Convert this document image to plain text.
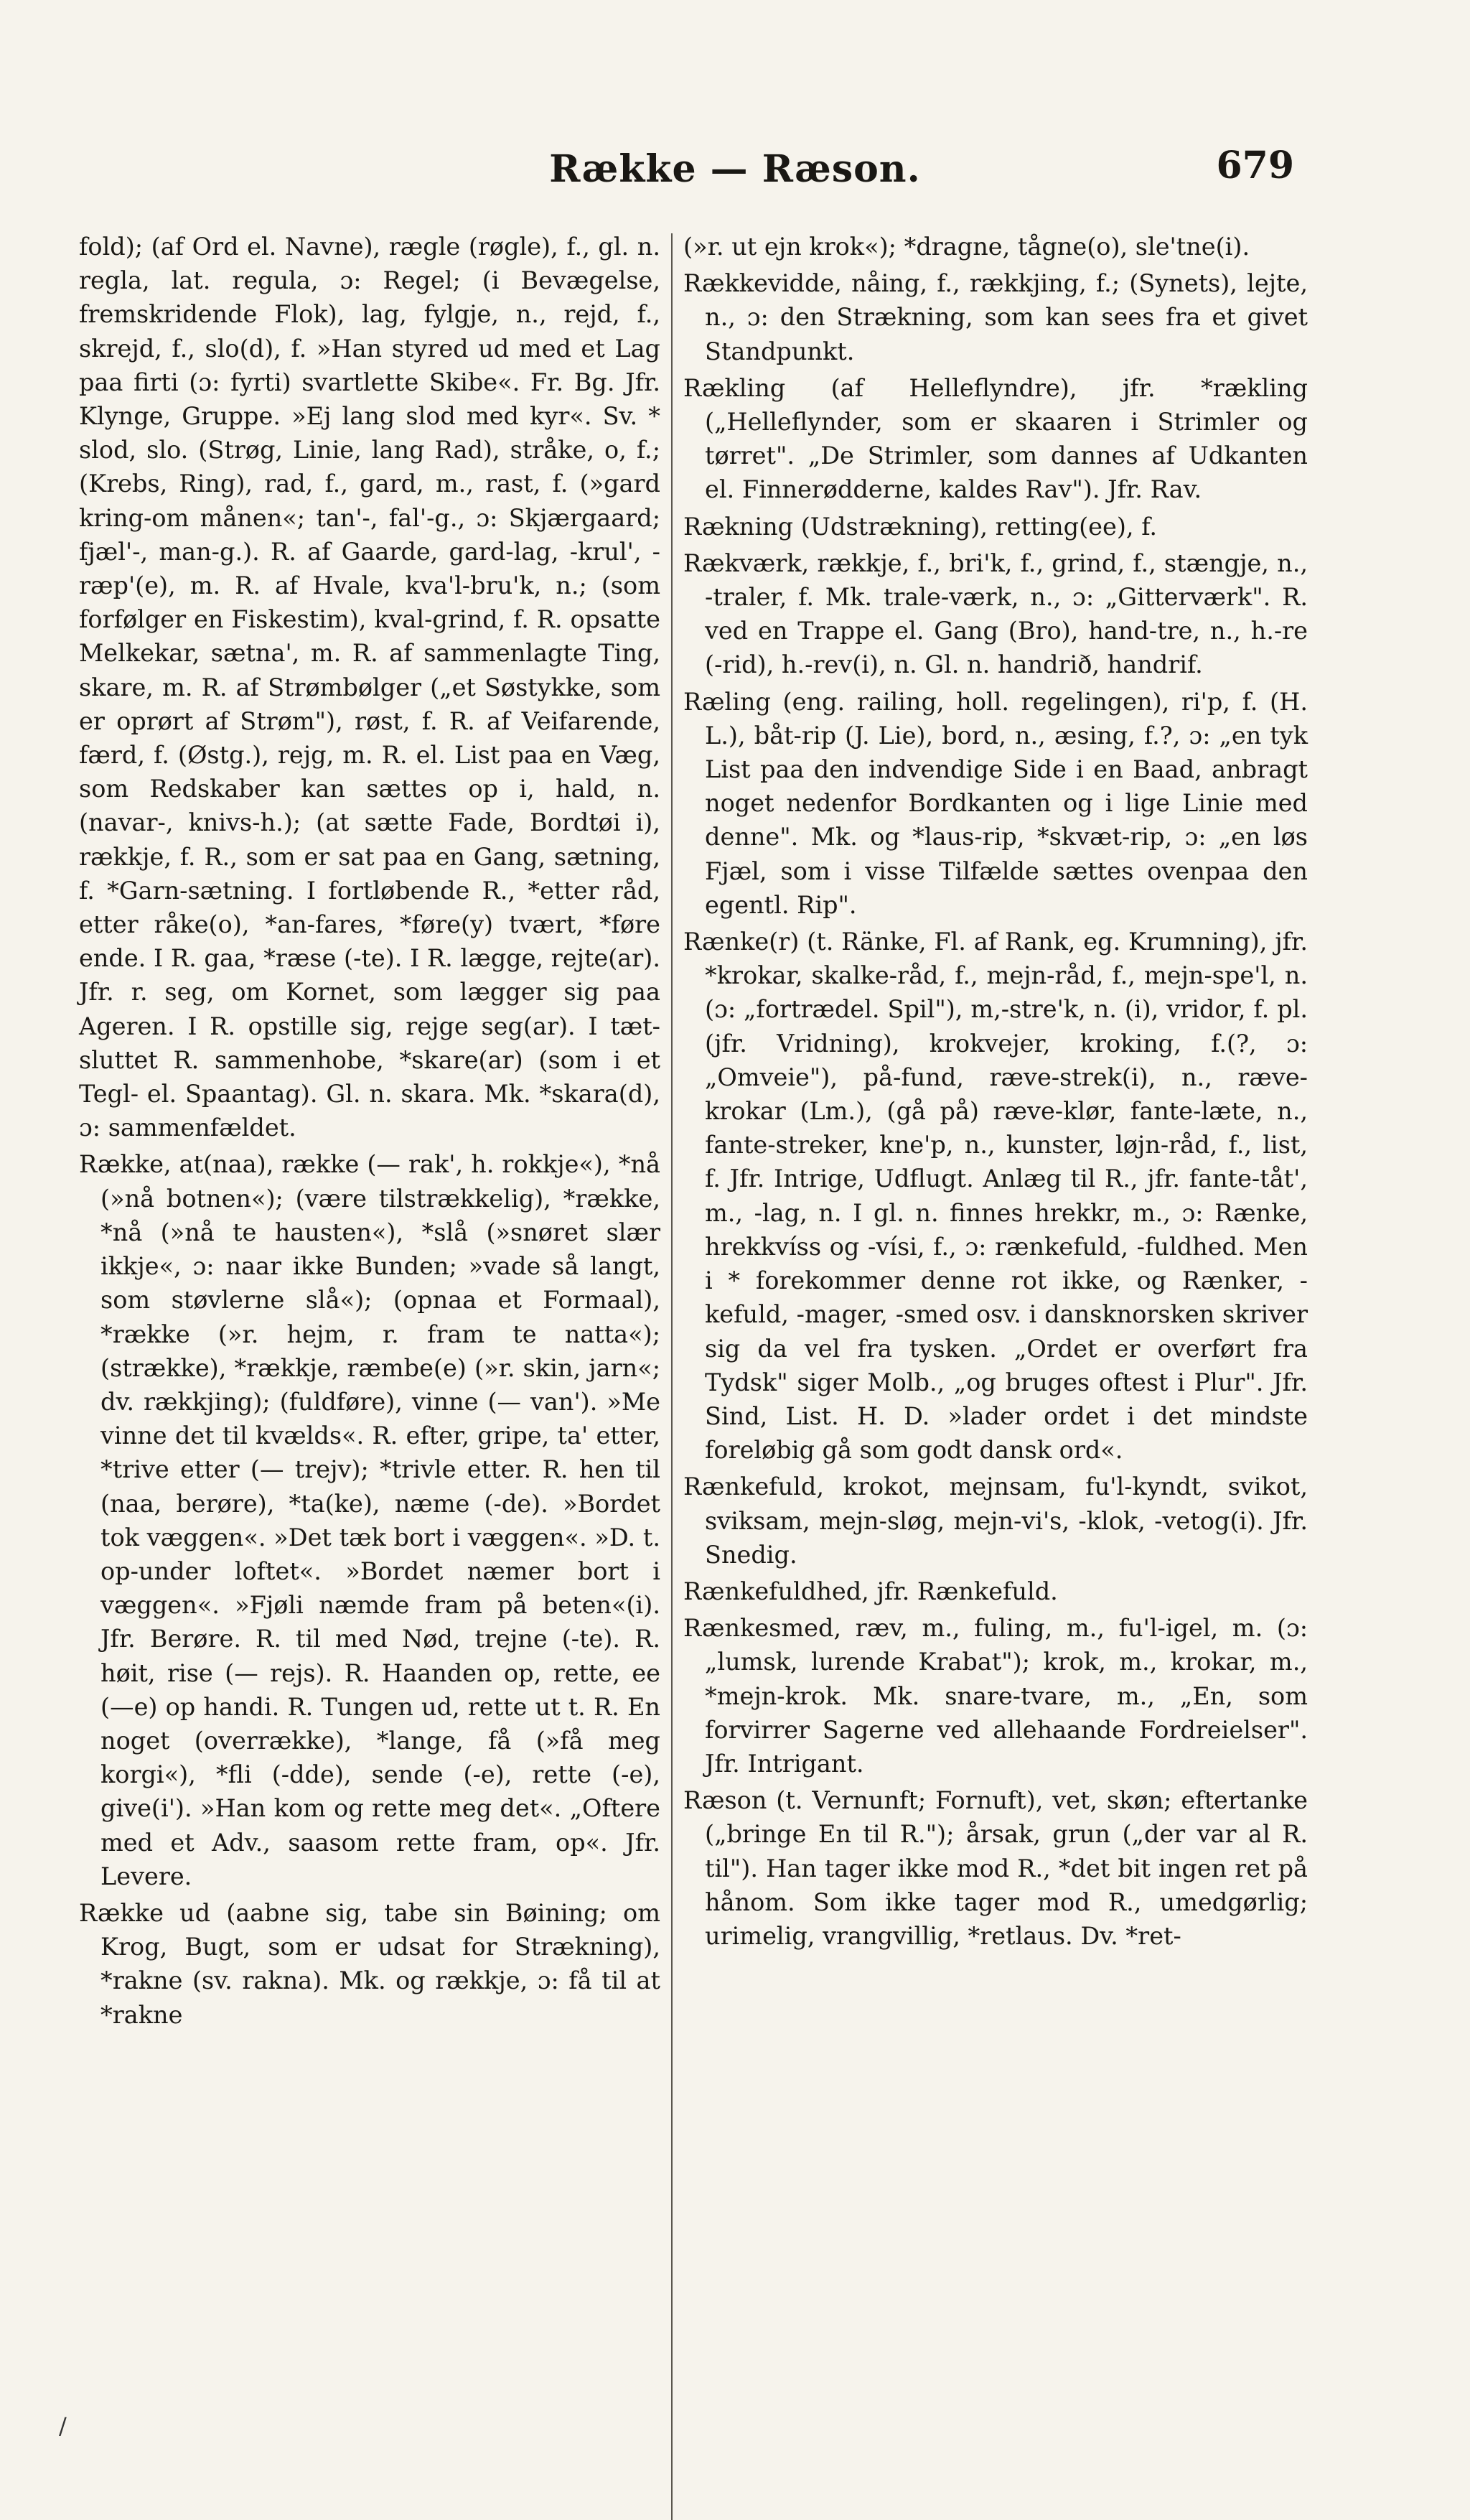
Række — Ræson.	679

fold); (af Ord el. Navne), rægle (røgle), f., gl. n. regla, lat. regula, ɔ: Regel; (i Bevægelse, fremskridende Flok), lag, fylgje, n., rejd, f., skrejd, f., slo(d), f. »Han styred ud med et Lag paa firti (ɔ: fyrti) svartlette Skibe«. Fr. Bg. Jfr. Klynge, Gruppe. »Ej lang slod med kyr«. Sv. * slod, slo. (Strøg, Linie, lang Rad), stråke, o, f.; (Krebs, Ring), rad, f., gard, m., rast, f. (»gard kring-om månen«; tan'-, fal'-g., ɔ: Skjærgaard; fjæl'-, man-g.). R. af Gaarde, gard-lag, -krul', -ræp'(e), m. R. af Hvale, kva'l-bru'k, n.; (som forfølger en Fiskestim), kval-grind, f. R. opsatte Melkekar, sætna', m. R. af sammenlagte Ting, skare, m. R. af Strømbølger („et Søstykke, som er oprørt af Strøm"), røst, f. R. af Veifarende, færd, f. (Østg.), rejg, m. R. el. List paa en Væg, som Redskaber kan sættes op i, hald, n. (navar-, knivs-h.); (at sætte Fade, Bordtøi i), rækkje, f. R., som er sat paa en Gang, sætning, f. *Garn-sætning. I fortløbende R., *etter råd, etter råke(o), *an-fares, *føre(y) tvært, *føre ende. I R. gaa, *ræse (-te). I R. lægge, rejte(ar). Jfr. r. seg, om Kornet, som lægger sig paa Ageren. I R. opstille sig, rejge seg(ar). I tæt-sluttet R. sammenhobe, *skare(ar) (som i et Tegl- el. Spaantag). Gl. n. skara. Mk. *skara(d), ɔ: sammenfældet.

Række, at(naa), række (— rak', h. rokkje«), *nå (»nå botnen«); (være tilstrækkelig), *række, *nå (»nå te hausten«), *slå (»snøret slær ikkje«, ɔ: naar ikke Bunden; »vade så langt, som støvlerne slå«); (opnaa et Formaal), *række (»r. hejm, r. fram te natta«); (strække), *rækkje, ræmbe(e) (»r. skin, jarn«; dv. rækkjing); (fuldføre), vinne (— van'). »Me vinne det til kvælds«. R. efter, gripe, ta' etter, *trive etter (— trejv); *trivle etter. R. hen til (naa, berøre), *ta(ke), næme (-de). »Bordet tok væggen«. »Det tæk bort i væggen«. »D. t. op-under loftet«. »Bordet næmer bort i væggen«. »Fjøli næmde fram på beten«(i). Jfr. Berøre. R. til med Nød, trejne (-te). R. høit, rise (— rejs). R. Haanden op, rette, ee (—e) op handi. R. Tungen ud, rette ut t. R. En noget (overrække), *lange, få (»få meg korgi«), *fli (-dde), sende (-e), rette (-e), give(i'). »Han kom og rette meg det«. „Oftere med et Adv., saasom rette fram, op«. Jfr. Levere.

Række ud (aabne sig, tabe sin Bøining; om Krog, Bugt, som er udsat for Strækning), *rakne (sv. rakna). Mk. og rækkje, ɔ: få til at *rakne

(»r. ut ejn krok«); *dragne, tågne(o), sle'tne(i).

Rækkevidde, nåing, f., rækkjing, f.; (Synets), lejte, n., ɔ: den Strækning, som kan sees fra et givet Standpunkt.

Rækling (af Helleflyndre), jfr. *rækling („Helleflynder, som er skaaren i Strimler og tørret". „De Strimler, som dannes af Udkanten el. Finnerødderne, kaldes Rav"). Jfr. Rav.

Rækning (Udstrækning), retting(ee), f.

Rækværk, rækkje, f., bri'k, f., grind, f., stængje, n., -traler, f. Mk. trale-værk, n., ɔ: „Gitterværk". R. ved en Trappe el. Gang (Bro), hand-tre, n., h.-re (-rid), h.-rev(i), n. Gl. n. handrið, handrif.

Ræling (eng. railing, holl. regelingen), ri'p, f. (H. L.), båt-rip (J. Lie), bord, n., æsing, f.?, ɔ: „en tyk List paa den indvendige Side i en Baad, anbragt noget nedenfor Bordkanten og i lige Linie med denne". Mk. og *laus-rip, *skvæt-rip, ɔ: „en løs Fjæl, som i visse Tilfælde sættes ovenpaa den egentl. Rip".

Rænke(r) (t. Ränke, Fl. af Rank, eg. Krumning), jfr. *krokar, skalke-råd, f., mejn-råd, f., mejn-spe'l, n. (ɔ: „fortrædel. Spil"), m,-stre'k, n. (i), vridor, f. pl. (jfr. Vridning), krokvejer, kroking, f.(?, ɔ: „Omveie"), på-fund, ræve-strek(i), n., ræve-krokar (Lm.), (gå på) ræve-klør, fante-læte, n., fante-streker, kne'p, n., kunster, løjn-råd, f., list, f. Jfr. Intrige, Udflugt. Anlæg til R., jfr. fante-tåt', m., -lag, n. I gl. n. finnes hrekkr, m., ɔ: Rænke, hrekkvíss og -vísi, f., ɔ: rænkefuld, -fuldhed. Men i * forekommer denne rot ikke, og Rænker, -kefuld, -mager, -smed osv. i dansknorsken skriver sig da vel fra tysken. „Ordet er overført fra Tydsk" siger Molb., „og bruges oftest i Plur". Jfr. Sind, List. H. D. »lader ordet i det mindste foreløbig gå som godt dansk ord«.

Rænkefuld, krokot, mejnsam, fu'l-kyndt, svikot, sviksam, mejn-sløg, mejn-vi's, -klok, -vetog(i). Jfr. Snedig.

Rænkefuldhed, jfr. Rænkefuld.

Rænkesmed, ræv, m., fuling, m., fu'l-igel, m. (ɔ: „lumsk, lurende Krabat"); krok, m., krokar, m., *mejn-krok. Mk. snare-tvare, m., „En, som forvirrer Sagerne ved allehaande Fordreielser". Jfr. Intrigant.

Ræson (t. Vernunft; Fornuft), vet, skøn; eftertanke („bringe En til R."); årsak, grun („der var al R. til"). Han tager ikke mod R., *det bit ingen ret på hånom. Som ikke tager mod R., umedgørlig; urimelig, vrangvillig, *retlaus. Dv. *ret-

/
